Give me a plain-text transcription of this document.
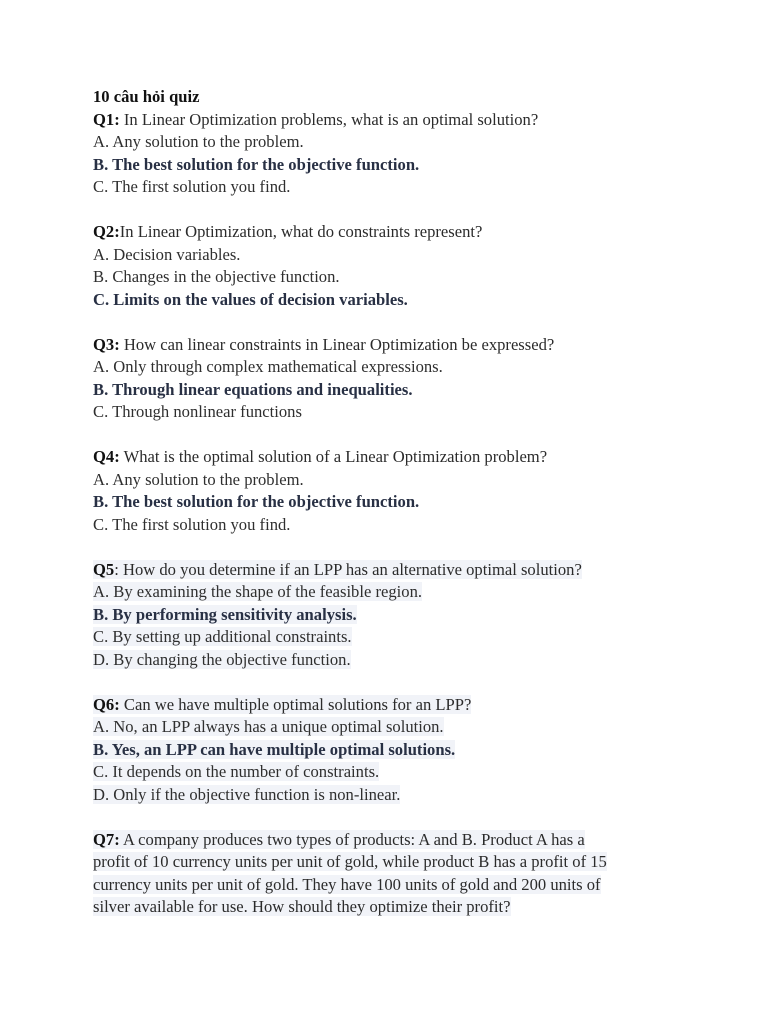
10 câu hỏi quiz
Q1: In Linear Optimization problems, what is an optimal solution?
A. Any solution to the problem.
B. The best solution for the objective function.
C. The first solution you find.
Q2:In Linear Optimization, what do constraints represent?
A. Decision variables.
B. Changes in the objective function.
C. Limits on the values of decision variables.
Q3: How can linear constraints in Linear Optimization be expressed?
A. Only through complex mathematical expressions.
B. Through linear equations and inequalities.
C. Through nonlinear functions
Q4: What is the optimal solution of a Linear Optimization problem?
A. Any solution to the problem.
B. The best solution for the objective function.
C. The first solution you find.
Q5: How do you determine if an LPP has an alternative optimal solution?
A. By examining the shape of the feasible region.
B. By performing sensitivity analysis.
C. By setting up additional constraints.
D. By changing the objective function.
Q6: Can we have multiple optimal solutions for an LPP?
A. No, an LPP always has a unique optimal solution.
B. Yes, an LPP can have multiple optimal solutions.
C. It depends on the number of constraints.
D. Only if the objective function is non-linear.
Q7: A company produces two types of products: A and B. Product A has a
profit of 10 currency units per unit of gold, while product B has a profit of 15
currency units per unit of gold. They have 100 units of gold and 200 units of
silver available for use. How should they optimize their profit?
